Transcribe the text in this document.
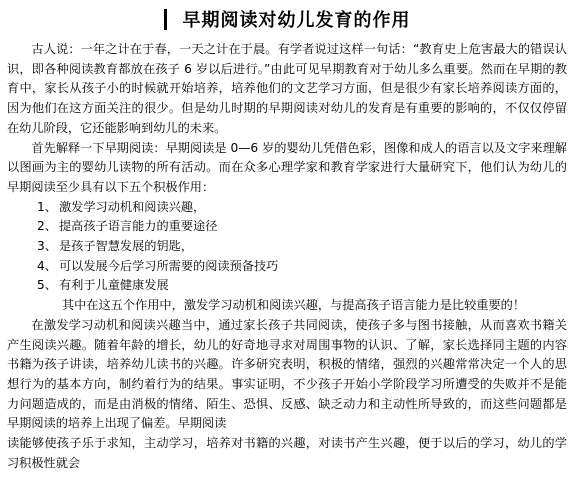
早期阅读对幼儿发育的作用

古人说：一年之计在于春，一天之计在于晨。有学者说过这样一句话：“教育史上危害最大的错误认识，即各种阅读教育都放在孩子 6 岁以后进行。”由此可见早期教育对于幼儿多么重要。然而在早期的教育中，家长从孩子小的时候就开始培养，培养他们的文艺学习方面，但是很少有家长培养阅读方面的，因为他们在这方面关注的很少。但是幼儿时期的早期阅读对幼儿的发育是有重要的影响的，不仅仅停留在幼儿阶段，它还能影响到幼儿的未来。

首先解释一下早期阅读：早期阅读是 0—6 岁的婴幼儿凭借色彩，图像和成人的语言以及文字来理解以图画为主的婴幼儿读物的所有活动。而在众多心理学家和教育学家进行大量研究下，他们认为幼儿的早期阅读至少具有以下五个积极作用：

1、 激发学习动机和阅读兴趣，
2、 提高孩子语言能力的重要途径
3、 是孩子智慧发展的钥匙，
4、 可以发展今后学习所需要的阅读预备技巧
5、 有利于儿童健康发展

其中在这五个作用中，激发学习动机和阅读兴趣，与提高孩子语言能力是比较重要的！

在激发学习动机和阅读兴趣当中，通过家长孩子共同阅读，使孩子多与图书接触，从而喜欢书籍关产生阅读兴趣。随着年龄的增长，幼儿的好奇地寻求对周围事物的认识、了解，家长选择同主题的内容书籍为孩子讲读，培养幼儿读书的兴趣。许多研究表明，积极的情绪，强烈的兴趣常常决定一个人的思想行为的基本方向，制约着行为的结果。事实证明，不少孩子开始小学阶段学习所遭受的失败并不是能力问题造成的，而是由消极的情绪、陌生、恐惧、反感、缺乏动力和主动性所导致的，而这些问题都是早期阅读的培养上出现了偏差。早期阅读

读能够使孩子乐于求知，主动学习，培养对书籍的兴趣，对读书产生兴趣，便于以后的学习，幼儿的学习积极性就会
